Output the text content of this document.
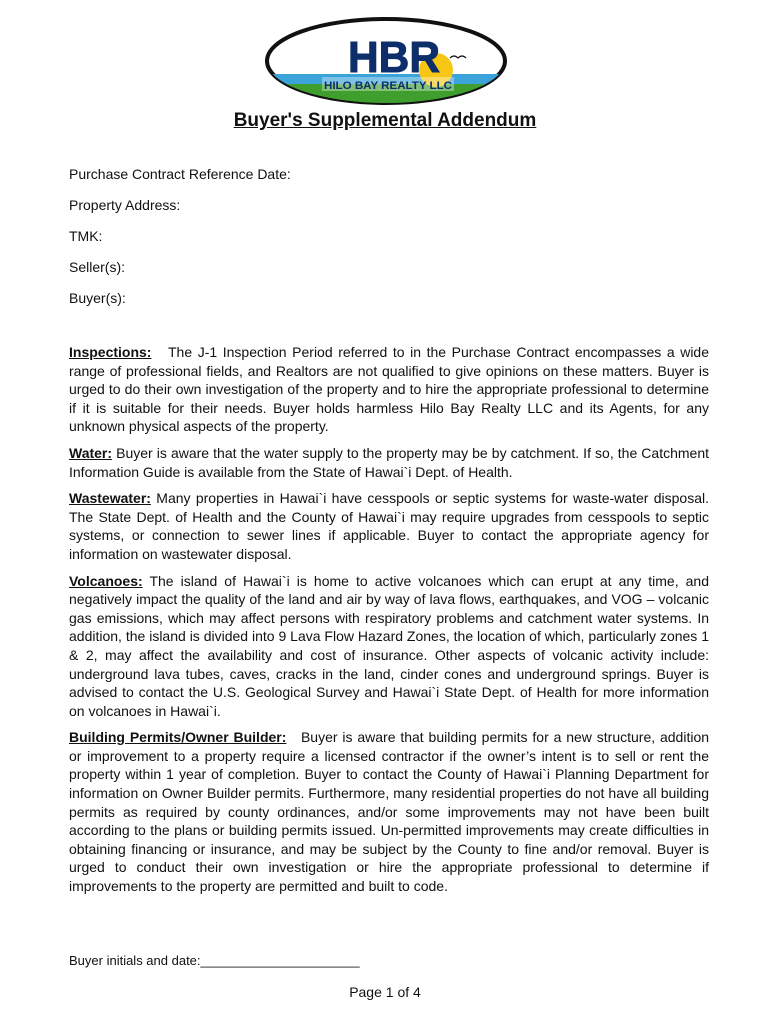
HBR
HILO BAY REALTY LLC
Buyer's Supplemental Addendum
Purchase Contract Reference Date:
Property Address:
TMK:
Seller(s):
Buyer(s):

Inspections: The J-1 Inspection Period referred to in the Purchase Contract encompasses a wide range of professional fields, and Realtors are not qualified to give opinions on these matters. Buyer is urged to do their own investigation of the property and to hire the appropriate professional to determine if it is suitable for their needs. Buyer holds harmless Hilo Bay Realty LLC and its Agents, for any unknown physical aspects of the property.

Water: Buyer is aware that the water supply to the property may be by catchment. If so, the Catchment Information Guide is available from the State of Hawai`i Dept. of Health.

Wastewater: Many properties in Hawai`i have cesspools or septic systems for waste-water disposal. The State Dept. of Health and the County of Hawai`i may require upgrades from cesspools to septic systems, or connection to sewer lines if applicable. Buyer to contact the appropriate agency for information on wastewater disposal.

Volcanoes: The island of Hawai`i is home to active volcanoes which can erupt at any time, and negatively impact the quality of the land and air by way of lava flows, earthquakes, and VOG – volcanic gas emissions, which may affect persons with respiratory problems and catchment water systems. In addition, the island is divided into 9 Lava Flow Hazard Zones, the location of which, particularly zones 1 & 2, may affect the availability and cost of insurance. Other aspects of volcanic activity include: underground lava tubes, caves, cracks in the land, cinder cones and underground springs. Buyer is advised to contact the U.S. Geological Survey and Hawai`i State Dept. of Health for more information on volcanoes in Hawai`i.

Building Permits/Owner Builder: Buyer is aware that building permits for a new structure, addition or improvement to a property require a licensed contractor if the owner’s intent is to sell or rent the property within 1 year of completion. Buyer to contact the County of Hawai`i Planning Department for information on Owner Builder permits. Furthermore, many residential properties do not have all building permits as required by county ordinances, and/or some improvements may not have been built according to the plans or building permits issued. Un-permitted improvements may create difficulties in obtaining financing or insurance, and may be subject by the County to fine and/or removal. Buyer is urged to conduct their own investigation or hire the appropriate professional to determine if improvements to the property are permitted and built to code.

Buyer initials and date:______________________
Page 1 of 4
